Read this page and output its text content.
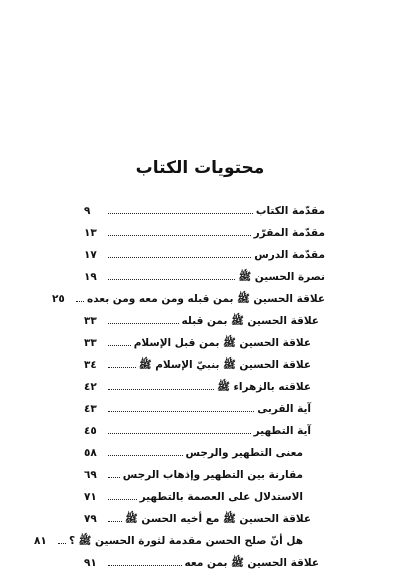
محتويات الكتاب
مقدّمة الكتاب
٩
مقدّمة المقرّر
١٣
مقدّمة الدرس
١٧
نصرة الحسين ﷺ
١٩
علاقة الحسين ﷺ بمن قبله ومن معه ومن بعده
٢٥
علاقة الحسين ﷺ بمن قبله
٣٣
علاقة الحسين ﷺ بمن قبل الإسلام
٣٣
علاقة الحسين ﷺ بنبيّ الإسلام ﷺ
٣٤
علاقته بالزهراء ﷺ
٤٢
آية القربى
٤٣
آية التطهير
٤٥
معنى التطهير والرجس
٥٨
مقارنة بين التطهير وإذهاب الرجس
٦٩
الاستدلال على العصمة بالتطهير
٧١
علاقة الحسين ﷺ مع أخيه الحسن ﷺ
٧٩
هل أنّ صلح الحسن مقدمة لثورة الحسين ﷺ ؟
٨١
علاقة الحسين ﷺ بمن معه
٩١
